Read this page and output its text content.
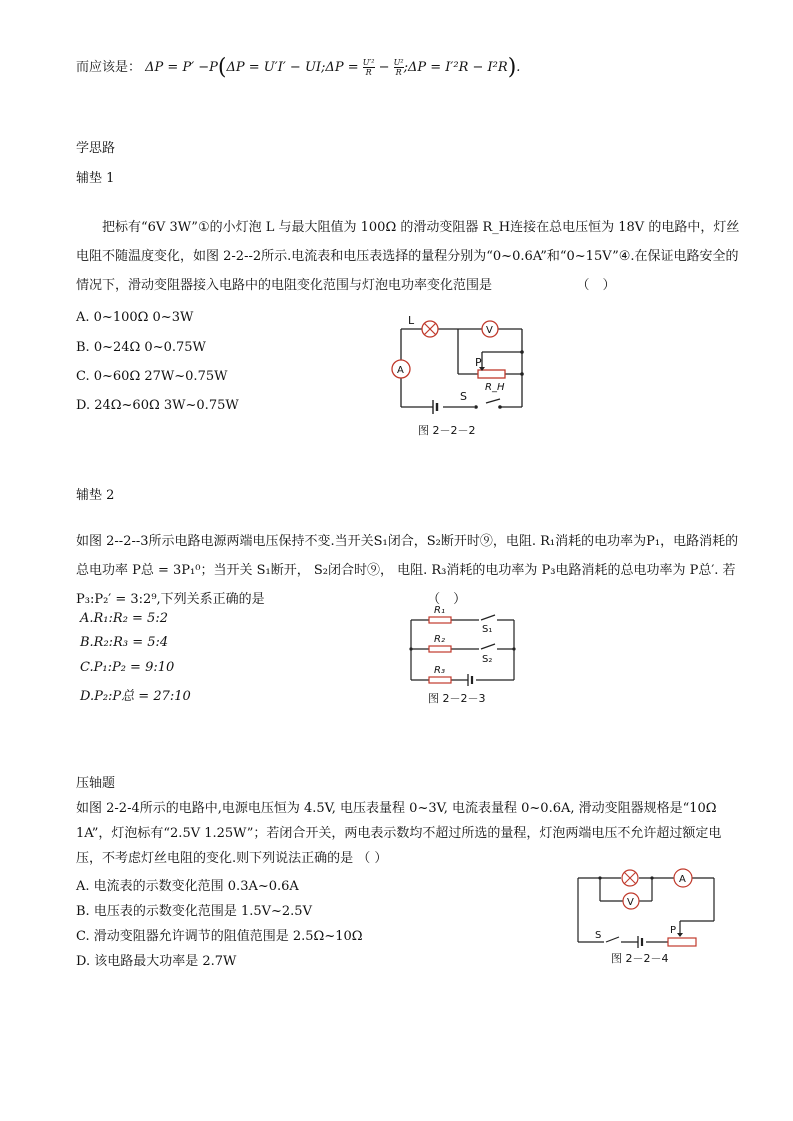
而应该是： ΔP = P′ −P(ΔP = U′I′ − UI;ΔP = $\frac{\text{U′²}}{R} - \frac{\text{U²}}{R}$ ;ΔP = I′²R − I²R).
学思路
辅垫 1
把标有“6V 3W”①的小灯泡 L 与最大阻值为 100Ω 的滑动变阻器 R_H连接在总电压恒为 18V 的电路中，灯丝电阻不随温度变化，如图 2-2--2所示.电流表和电压表选择的量程分别为“0~0.6A”和“0~15V”④.在保证电路安全的情况下，滑动变阻器接入电路中的电阻变化范围与灯泡电功率变化范围是　　　　　　　（　）
A. 0~100Ω 0~3W
B. 0~24Ω 0~0.75W
C. 0~60Ω 27W~0.75W
D. 24Ω~60Ω 3W~0.75W
L
V
A
P
R_H
S
图 2－2－2
辅垫 2
如图 2--2--3所示电路电源两端电压保持不变.当开关S₁闭合，S₂断开时⑨，电阻. R₁消耗的电功率为P₁，电路消耗的总电功率 P总 = 3P₁⁰；当开关 S₁断开， S₂闭合时⑨， 电阻. R₃消耗的电功率为 P₃电路消耗的总电功率为 P总′. 若 P₃:P₂′ = 3:2⁹,下列关系正确的是　　　　　　　　　　　　　（　）
A.R₁:R₂ = 5:2
B.R₂:R₃ = 5:4
C.P₁:P₂ = 9:10
D.P₂:P总 = 27:10
R₁
R₂
R₃
S₁
S₂
图 2－2－3
压轴题
如图 2-2-4所示的电路中,电源电压恒为 4.5V, 电压表量程 0~3V, 电流表量程 0~0.6A, 滑动变阻器规格是“10Ω 1A”，灯泡标有“2.5V 1.25W”；若闭合开关，两电表示数均不超过所选的量程，灯泡两端电压不允许超过额定电压，不考虑灯丝电阻的变化.则下列说法正确的是 （ ）
A. 电流表的示数变化范围 0.3A~0.6A
B. 电压表的示数变化范围是 1.5V~2.5V
C. 滑动变阻器允许调节的阻值范围是 2.5Ω~10Ω
D. 该电路最大功率是 2.7W
V
A
S	P
图 2－2－4
